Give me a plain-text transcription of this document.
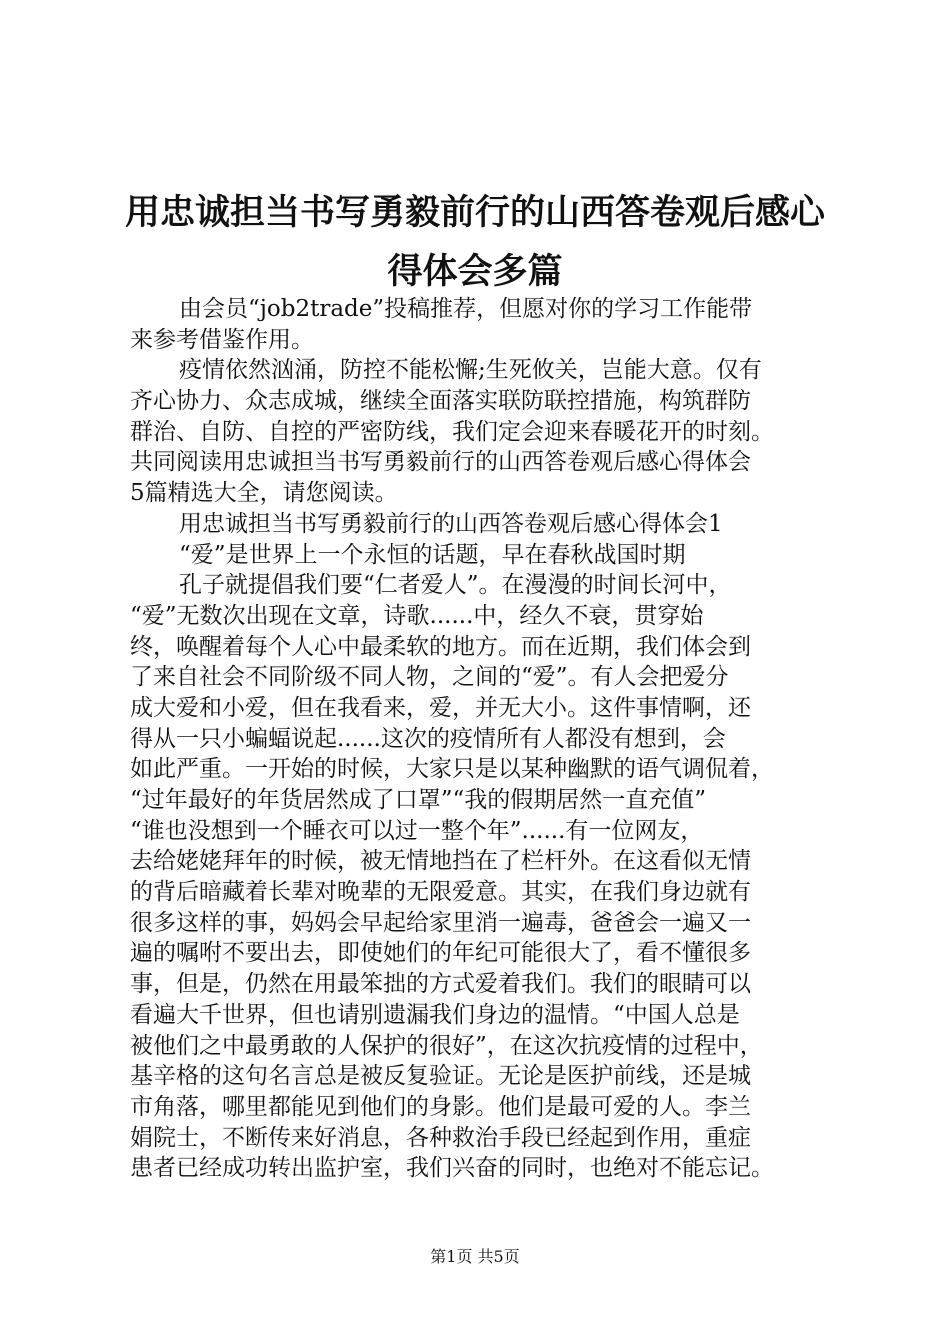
用忠诚担当书写勇毅前行的山西答卷观后感心
得体会多篇
由会员“job2trade”投稿推荐，但愿对你的学习工作能带
来参考借鉴作用。
疫情依然汹涌，防控不能松懈;生死攸关，岂能大意。仅有
齐心协力、众志成城，继续全面落实联防联控措施，构筑群防
群治、自防、自控的严密防线，我们定会迎来春暖花开的时刻。
共同阅读用忠诚担当书写勇毅前行的山西答卷观后感心得体会
5篇精选大全，请您阅读。
用忠诚担当书写勇毅前行的山西答卷观后感心得体会1
“爱”是世界上一个永恒的话题，早在春秋战国时期
孔子就提倡我们要“仁者爱人”。在漫漫的时间长河中，
“爱”无数次出现在文章，诗歌......中，经久不衰，贯穿始
终，唤醒着每个人心中最柔软的地方。而在近期，我们体会到
了来自社会不同阶级不同人物，之间的“爱”。有人会把爱分
成大爱和小爱，但在我看来，爱，并无大小。这件事情啊，还
得从一只小蝙蝠说起......这次的疫情所有人都没有想到，会
如此严重。一开始的时候，大家只是以某种幽默的语气调侃着，
“过年最好的年货居然成了口罩”“我的假期居然一直充值”
“谁也没想到一个睡衣可以过一整个年”......有一位网友，
去给姥姥拜年的时候，被无情地挡在了栏杆外。在这看似无情
的背后暗藏着长辈对晚辈的无限爱意。其实，在我们身边就有
很多这样的事，妈妈会早起给家里消一遍毒，爸爸会一遍又一
遍的嘱咐不要出去，即使她们的年纪可能很大了，看不懂很多
事，但是，仍然在用最笨拙的方式爱着我们。我们的眼睛可以
看遍大千世界，但也请别遗漏我们身边的温情。“中国人总是
被他们之中最勇敢的人保护的很好”，在这次抗疫情的过程中，
基辛格的这句名言总是被反复验证。无论是医护前线，还是城
市角落，哪里都能见到他们的身影。他们是最可爱的人。李兰
娟院士，不断传来好消息，各种救治手段已经起到作用，重症
患者已经成功转出监护室，我们兴奋的同时，也绝对不能忘记。
第1页 共5页
